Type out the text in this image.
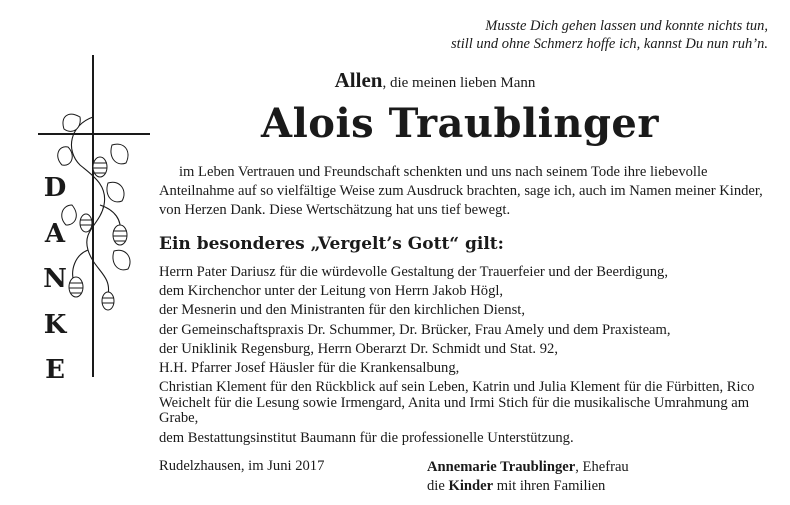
D
A
N
K
E
Musste Dich gehen lassen und konnte nichts tun,
still und ohne Schmerz hoffe ich, kannst Du nun ruh’n.
Allen, die meinen lieben Mann
Alois Traublinger
im Leben Vertrauen und Freundschaft schenkten und uns nach seinem Tode ihre liebevolle Anteilnahme auf so vielfältige Weise zum Ausdruck brachten, sage ich, auch im Namen meiner Kinder, von Herzen Dank. Diese Wertschätzung hat uns tief bewegt.
Ein besonderes „Vergelt’s Gott“ gilt:
Herrn Pater Dariusz für die würdevolle Gestaltung der Trauerfeier und der Beerdigung,
dem Kirchenchor unter der Leitung von Herrn Jakob Högl,
der Mesnerin und den Ministranten für den kirchlichen Dienst,
der Gemeinschaftspraxis Dr. Schummer, Dr. Brücker, Frau Amely und dem Praxisteam,
der Uniklinik Regensburg, Herrn Oberarzt Dr. Schmidt und Stat. 92,
H.H. Pfarrer Josef Häusler für die Krankensalbung,
Christian Klement für den Rückblick auf sein Leben, Katrin und Julia Klement für die Fürbitten, Rico Weichelt für die Lesung sowie Irmengard, Anita und Irmi Stich für die musikalische Umrahmung am Grabe,
dem Bestattungsinstitut Baumann für die professionelle Unterstützung.
Rudelzhausen, im Juni 2017	Annemarie Traublinger, Ehefrau
die Kinder mit ihren Familien
